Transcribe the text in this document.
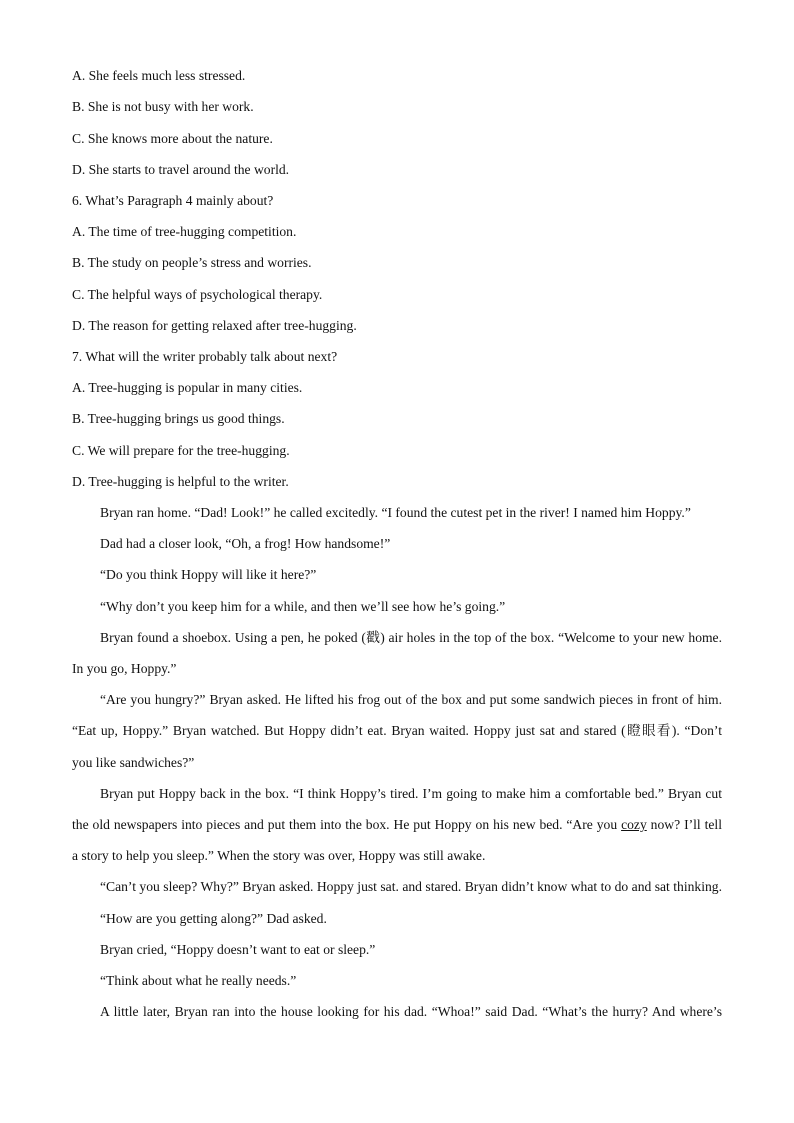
A. She feels much less stressed.
B. She is not busy with her work.
C. She knows more about the nature.
D. She starts to travel around the world.
6. What’s Paragraph 4 mainly about?
A. The time of tree-hugging competition.
B. The study on people’s stress and worries.
C. The helpful ways of psychological therapy.
D. The reason for getting relaxed after tree-hugging.
7. What will the writer probably talk about next?
A. Tree-hugging is popular in many cities.
B. Tree-hugging brings us good things.
C. We will prepare for the tree-hugging.
D. Tree-hugging is helpful to the writer.
Bryan ran home. “Dad! Look!” he called excitedly. “I found the cutest pet in the river! I named him Hoppy.”
Dad had a closer look, “Oh, a frog! How handsome!”
“Do you think Hoppy will like it here?”
“Why don’t you keep him for a while, and then we’ll see how he’s going.”
Bryan found a shoebox. Using a pen, he poked (戳) air holes in the top of the box. “Welcome to your new home.
In you go, Hoppy.”
“Are you hungry?” Bryan asked. He lifted his frog out of the box and put some sandwich pieces in front of him.
“Eat up, Hoppy.” Bryan watched. But Hoppy didn’t eat. Bryan waited. Hoppy just sat and stared (瞪眼看). “Don’t
you like sandwiches?”
Bryan put Hoppy back in the box. “I think Hoppy’s tired. I’m going to make him a comfortable bed.” Bryan cut
the old newspapers into pieces and put them into the box. He put Hoppy on his new bed. “Are you cozy now? I’ll tell
a story to help you sleep.” When the story was over, Hoppy was still awake.
“Can’t you sleep? Why?” Bryan asked. Hoppy just sat. and stared. Bryan didn’t know what to do and sat thinking.
“How are you getting along?” Dad asked.
Bryan cried, “Hoppy doesn’t want to eat or sleep.”
“Think about what he really needs.”
A little later, Bryan ran into the house looking for his dad. “Whoa!” said Dad. “What’s the hurry? And where’s
